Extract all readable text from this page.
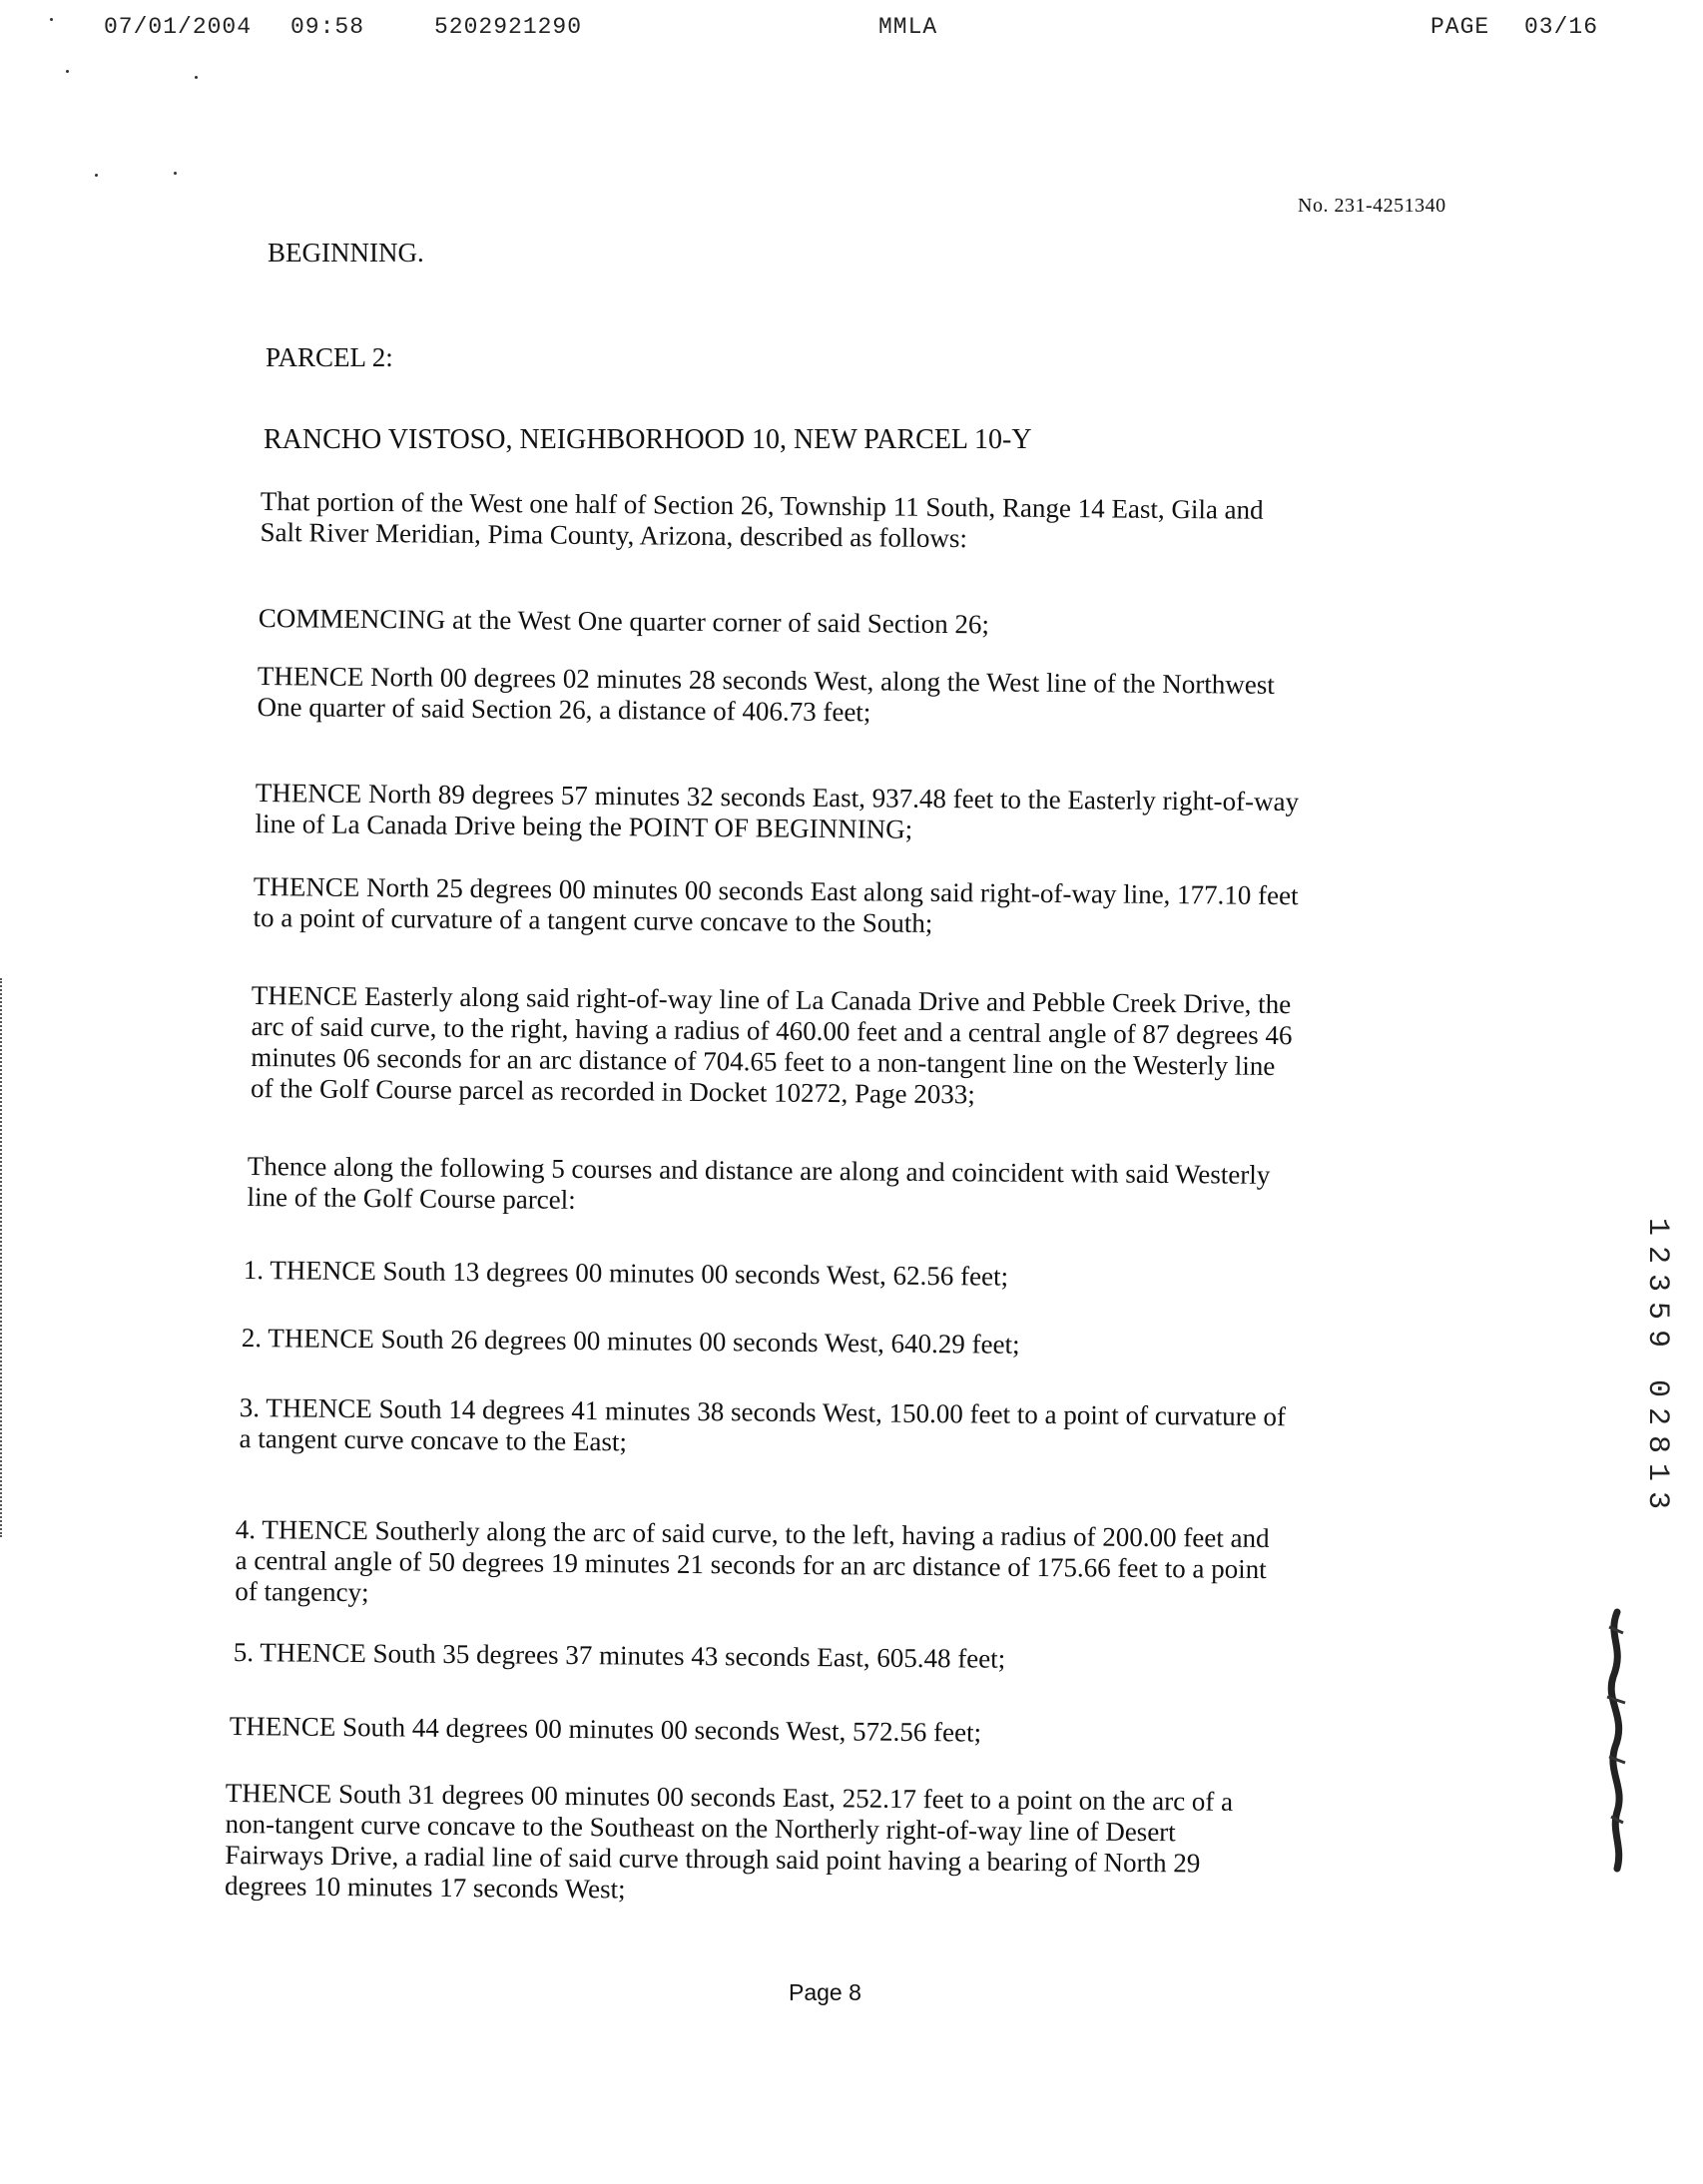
07/01/2004 09:58	5202921290	MMLA	PAGE 03/16
No. 231-4251340
BEGINNING.
PARCEL 2:
RANCHO VISTOSO, NEIGHBORHOOD 10, NEW PARCEL 10-Y
That portion of the West one half of Section 26, Township 11 South, Range 14 East, Gila and
Salt River Meridian, Pima County, Arizona, described as follows:
COMMENCING at the West One quarter corner of said Section 26;
THENCE North 00 degrees 02 minutes 28 seconds West, along the West line of the Northwest
One quarter of said Section 26, a distance of 406.73 feet;
THENCE North 89 degrees 57 minutes 32 seconds East, 937.48 feet to the Easterly right-of-way
line of La Canada Drive being the POINT OF BEGINNING;
THENCE North 25 degrees 00 minutes 00 seconds East along said right-of-way line, 177.10 feet
to a point of curvature of a tangent curve concave to the South;
THENCE Easterly along said right-of-way line of La Canada Drive and Pebble Creek Drive, the
arc of said curve, to the right, having a radius of 460.00 feet and a central angle of 87 degrees 46
minutes 06 seconds for an arc distance of 704.65 feet to a non-tangent line on the Westerly line
of the Golf Course parcel as recorded in Docket 10272, Page 2033;
Thence along the following 5 courses and distance are along and coincident with said Westerly
line of the Golf Course parcel:
1. THENCE South 13 degrees 00 minutes 00 seconds West, 62.56 feet;
2. THENCE South 26 degrees 00 minutes 00 seconds West, 640.29 feet;
3. THENCE South 14 degrees 41 minutes 38 seconds West, 150.00 feet to a point of curvature of
a tangent curve concave to the East;
4. THENCE Southerly along the arc of said curve, to the left, having a radius of 200.00 feet and
a central angle of 50 degrees 19 minutes 21 seconds for an arc distance of 175.66 feet to a point
of tangency;
5. THENCE South 35 degrees 37 minutes 43 seconds East, 605.48 feet;
THENCE South 44 degrees 00 minutes 00 seconds West, 572.56 feet;
THENCE South 31 degrees 00 minutes 00 seconds East, 252.17 feet to a point on the arc of a
non-tangent curve concave to the Southeast on the Northerly right-of-way line of Desert
Fairways Drive, a radial line of said curve through said point having a bearing of North 29
degrees 10 minutes 17 seconds West;
Page 8
1
2
3
5
9
0
2
8
1
3
